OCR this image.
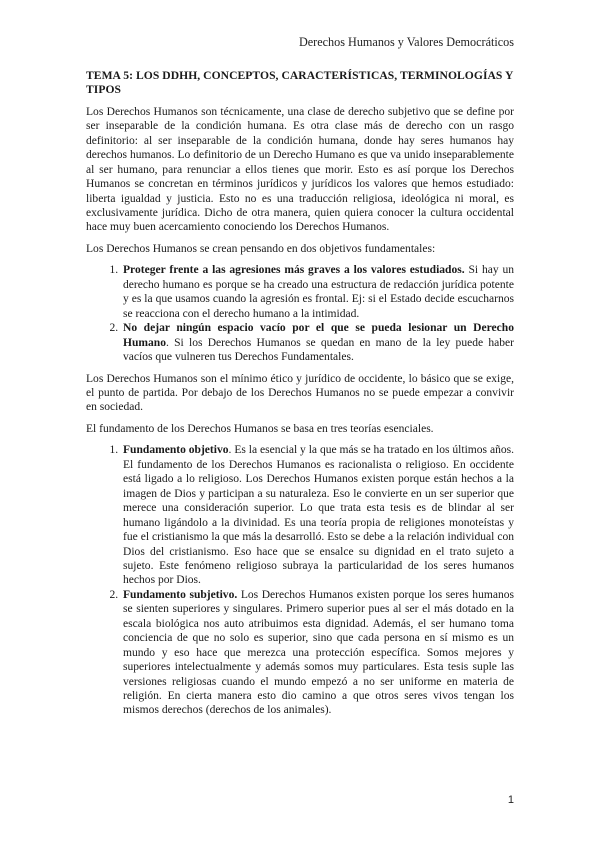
Derechos Humanos y Valores Democráticos
TEMA 5: LOS DDHH, CONCEPTOS, CARACTERÍSTICAS, TERMINOLOGÍAS Y TIPOS

Los Derechos Humanos son técnicamente, una clase de derecho subjetivo que se define por ser inseparable de la condición humana. Es otra clase más de derecho con un rasgo definitorio: al ser inseparable de la condición humana, donde hay seres humanos hay derechos humanos. Lo definitorio de un Derecho Humano es que va unido inseparablemente al ser humano, para renunciar a ellos tienes que morir. Esto es así porque los Derechos Humanos se concretan en términos jurídicos y jurídicos los valores que hemos estudiado: liberta igualdad y justicia. Esto no es una traducción religiosa, ideológica ni moral, es exclusivamente jurídica. Dicho de otra manera, quien quiera conocer la cultura occidental hace muy buen acercamiento conociendo los Derechos Humanos.

Los Derechos Humanos se crean pensando en dos objetivos fundamentales:

1. Proteger frente a las agresiones más graves a los valores estudiados. Si hay un derecho humano es porque se ha creado una estructura de redacción jurídica potente y es la que usamos cuando la agresión es frontal. Ej: si el Estado decide escucharnos se reacciona con el derecho humano a la intimidad.
2. No dejar ningún espacio vacío por el que se pueda lesionar un Derecho Humano. Si los Derechos Humanos se quedan en mano de la ley puede haber vacíos que vulneren tus Derechos Fundamentales.

Los Derechos Humanos son el mínimo ético y jurídico de occidente, lo básico que se exige, el punto de partida. Por debajo de los Derechos Humanos no se puede empezar a convivir en sociedad.

El fundamento de los Derechos Humanos se basa en tres teorías esenciales.

1. Fundamento objetivo. Es la esencial y la que más se ha tratado en los últimos años. El fundamento de los Derechos Humanos es racionalista o religioso. En occidente está ligado a lo religioso. Los Derechos Humanos existen porque están hechos a la imagen de Dios y participan a su naturaleza. Eso le convierte en un ser superior que merece una consideración superior. Lo que trata esta tesis es de blindar al ser humano ligándolo a la divinidad. Es una teoría propia de religiones monoteístas y fue el cristianismo la que más la desarrolló. Esto se debe a la relación individual con Dios del cristianismo. Eso hace que se ensalce su dignidad en el trato sujeto a sujeto. Este fenómeno religioso subraya la particularidad de los seres humanos hechos por Dios.
2. Fundamento subjetivo. Los Derechos Humanos existen porque los seres humanos se sienten superiores y singulares. Primero superior pues al ser el más dotado en la escala biológica nos auto atribuimos esta dignidad. Además, el ser humano toma conciencia de que no solo es superior, sino que cada persona en sí mismo es un mundo y eso hace que merezca una protección específica. Somos mejores y superiores intelectualmente y además somos muy particulares. Esta tesis suple las versiones religiosas cuando el mundo empezó a no ser uniforme en materia de religión. En cierta manera esto dio camino a que otros seres vivos tengan los mismos derechos (derechos de los animales).
1
